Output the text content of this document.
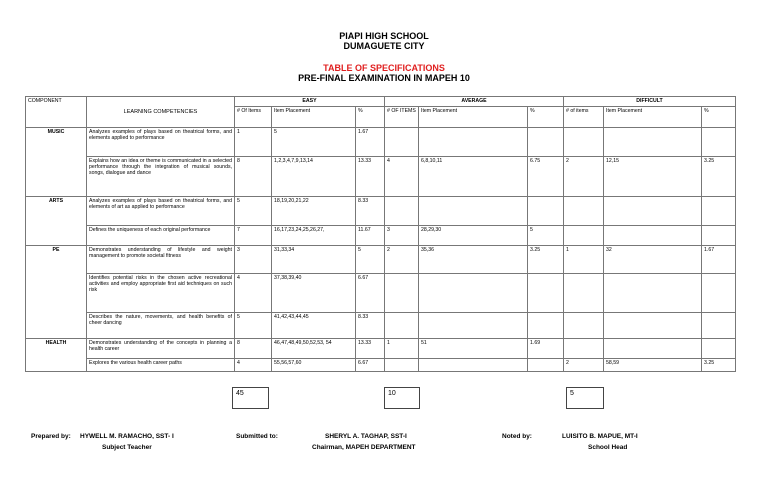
PIAPI HIGH SCHOOL
DUMAGUETE CITY
TABLE OF SPECIFICATIONS
PRE-FINAL EXAMINATION IN MAPEH 10
COMPONENT	LEARNING COMPETENCIES	EASY			AVERAGE			DIFFICULT		
		# Of Items	Item Placement	%	# OF ITEMS	Item Placement	%	# of items	Item Placement	%
MUSIC	Analyzes examples of plays based on theatrical forms, and elements applied to performance	1	5	1.67						
	Explains how an idea or theme is communicated in a selected performance through the integration of musical sounds, songs, dialogue and dance	8	1,2,3,4,7,9,13,14	13.33	4	6,8,10,11	6.75	2	12,15	3.25
ARTS	Analyzes examples of plays based on theatrical forms, and elements of art as applied to performance	5	18,19,20,21,22	8.33						
	Defines the uniqueness of each original performance	7	16,17,23,24,25,26,27,	11.67	3	28,29,30	5			
PE	Demonstrates understanding of lifestyle and weight management to promote societal fitness	3	31,33,34	5	2	35,36	3.25	1	32	1.67
	Identifies potential risks in the chosen active recreational activities and employ appropriate first aid techniques on such risk	4	37,38,39,40	6.67						
	Describes the nature, movements, and health benefits of cheer dancing	5	41,42,43,44,45	8.33						
HEALTH	Demonstrates understanding of the concepts in planning a health career	8	46,47,48,49,50,52,53, 54	13.33	1	51	1.69			
	Explores the various health career paths	4	55,56,57,60	6.67				2	58,59	3.25
45	10	5
Prepared by: HYWELL M. RAMACHO, SST- I
Subject Teacher
Submitted to:	SHERYL A. TAGHAP, SST-I
Chairman, MAPEH DEPARTMENT
Noted by:	LUISITO B. MAPUE, MT-I
School Head
